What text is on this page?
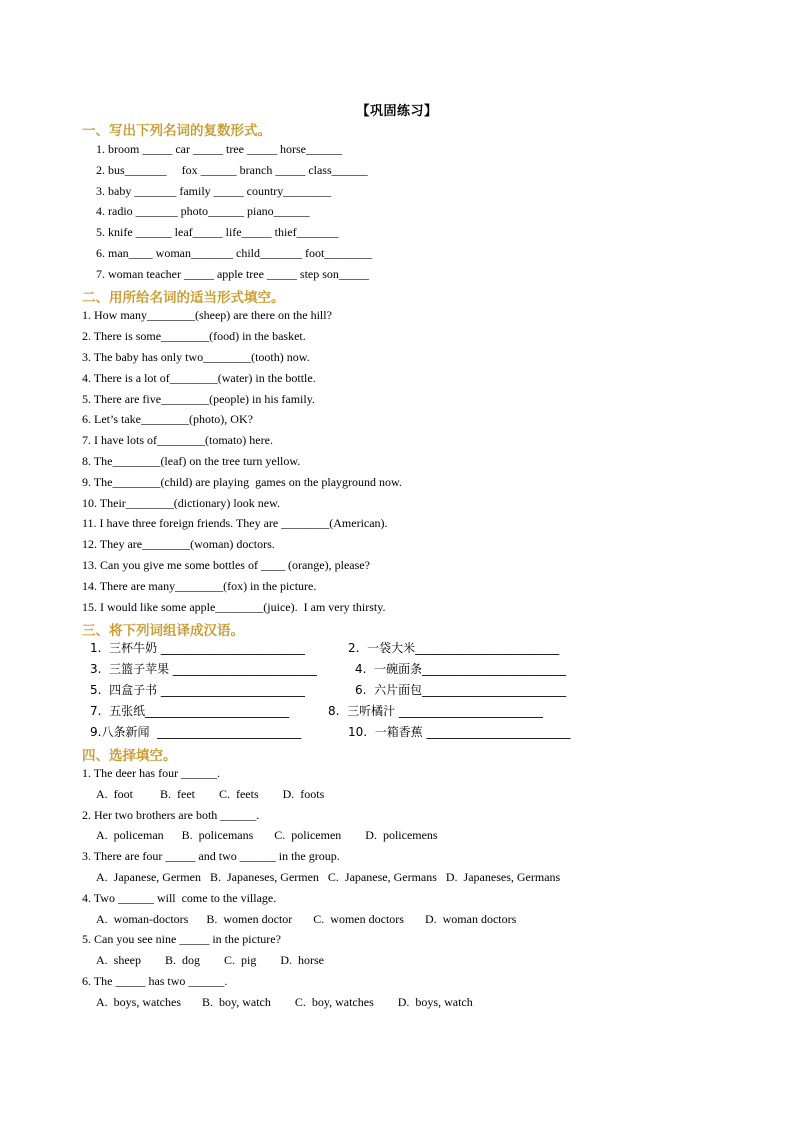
【巩固练习】
一、写出下列名词的复数形式。
1. broom _____ car _____ tree _____ horse______
2. bus_______     fox ______ branch _____ class______
3. baby _______ family _____ country________
4. radio _______ photo______ piano______
5. knife ______ leaf_____ life_____ thief_______
6. man____ woman_______ child_______ foot________
7. woman teacher _____ apple tree _____ step son_____
二、用所给名词的适当形式填空。
1. How many________(sheep) are there on the hill?
2. There is some________(food) in the basket.
3. The baby has only two________(tooth) now.
4. There is a lot of________(water) in the bottle.
5. There are five________(people) in his family.
6. Let’s take________(photo), OK?
7. I have lots of________(tomato) here.
8. The________(leaf) on the tree turn yellow.
9. The________(child) are playing  games on the playground now.
10. Their________(dictionary) look new.
11. I have three foreign friends. They are ________(American).
12. They are________(woman) doctors.
13. Can you give me some bottles of ____ (orange), please?
14. There are many________(fox) in the picture.
15. I would like some apple________(juice).  I am very thirsty.
三、将下列词组译成汉语。
1.  三杯牛奶 ________________________	2.  一袋大米________________________
3.  三篮子苹果 ________________________	4.  一碗面条________________________
5.  四盒子书 ________________________	6.  六片面包________________________
7.  五张纸________________________	8.  三听橘汁 ________________________
9.八条新闻  ________________________	10.  一箱香蕉 ________________________
四、选择填空。
1. The deer has four ______.
A.  foot         B.  feet        C.  feets        D.  foots
2. Her two brothers are both ______.
A.  policeman      B.  policemans       C.  policemen        D.  policemens
3. There are four _____ and two ______ in the group.
A.  Japanese, Germen   B.  Japaneses, Germen   C.  Japanese, Germans   D.  Japaneses, Germans
4. Two ______ will  come to the village.
A.  woman-doctors      B.  women doctor       C.  women doctors       D.  woman doctors
5. Can you see nine _____ in the picture?
A.  sheep        B.  dog        C.  pig        D.  horse
6. The _____ has two ______.
A.  boys, watches       B.  boy, watch        C.  boy, watches        D.  boys, watch
